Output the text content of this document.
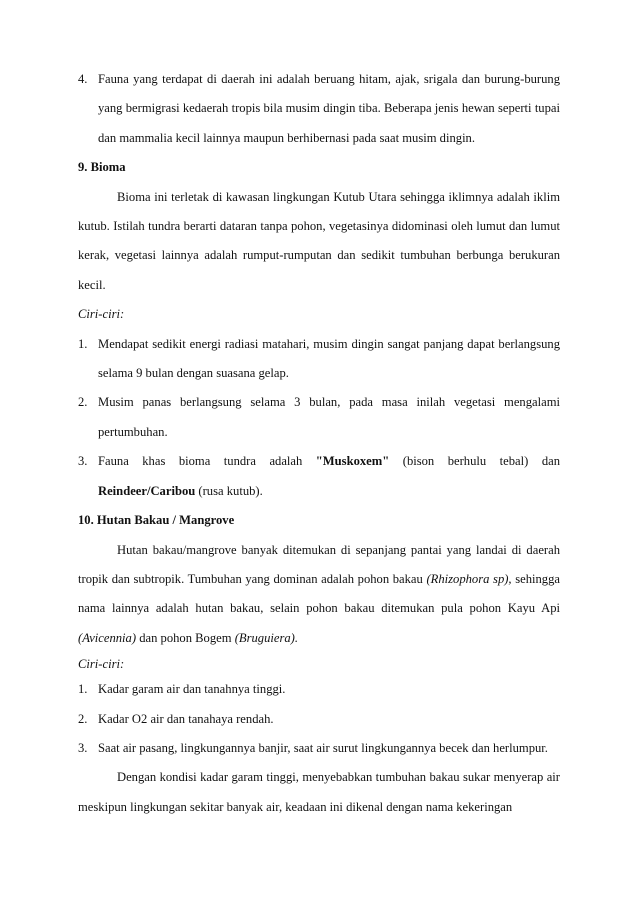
4. Fauna yang terdapat di daerah ini adalah beruang hitam, ajak, srigala dan burung-burung yang bermigrasi kedaerah tropis bila musim dingin tiba. Beberapa jenis hewan seperti tupai dan mammalia kecil lainnya maupun berhibernasi pada saat musim dingin.

9. Bioma

Bioma ini terletak di kawasan lingkungan Kutub Utara sehingga iklimnya adalah iklim kutub. Istilah tundra berarti dataran tanpa pohon, vegetasinya didominasi oleh lumut dan lumut kerak, vegetasi lainnya adalah rumput-rumputan dan sedikit tumbuhan berbunga berukuran kecil.

Ciri-ciri:

1. Mendapat sedikit energi radiasi matahari, musim dingin sangat panjang dapat berlangsung selama 9 bulan dengan suasana gelap.

2. Musim panas berlangsung selama 3 bulan, pada masa inilah vegetasi mengalami pertumbuhan.

3. Fauna khas bioma tundra adalah "Muskoxem" (bison berhulu tebal) dan Reindeer/Caribou (rusa kutub).

10. Hutan Bakau / Mangrove

Hutan bakau/mangrove banyak ditemukan di sepanjang pantai yang landai di daerah tropik dan subtropik. Tumbuhan yang dominan adalah pohon bakau (Rhizophora sp), sehingga nama lainnya adalah hutan bakau, selain pohon bakau ditemukan pula pohon Kayu Api (Avicennia) dan pohon Bogem (Bruguiera).

Ciri-ciri:

1. Kadar garam air dan tanahnya tinggi.

2. Kadar O2 air dan tanahaya rendah.

3. Saat air pasang, lingkungannya banjir, saat air surut lingkungannya becek dan herlumpur.

Dengan kondisi kadar garam tinggi, menyebabkan tumbuhan bakau sukar menyerap air meskipun lingkungan sekitar banyak air, keadaan ini dikenal dengan nama kekeringan
